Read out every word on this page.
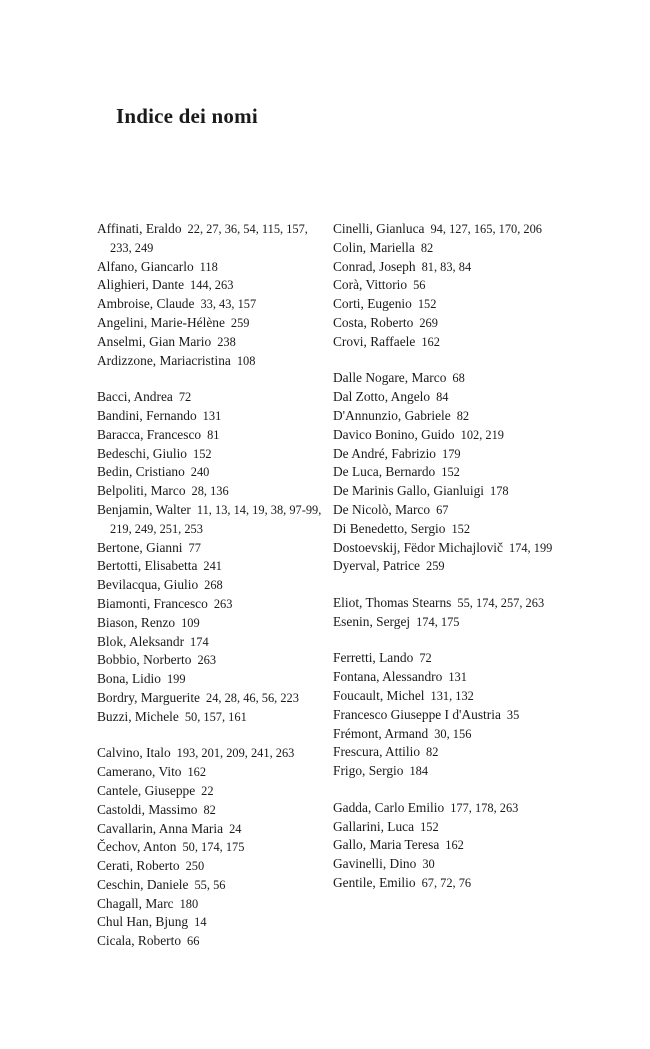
Indice dei nomi
Affinati, Eraldo 22, 27, 36, 54, 115, 157, 233, 249
Alfano, Giancarlo 118
Alighieri, Dante 144, 263
Ambroise, Claude 33, 43, 157
Angelini, Marie-Hélène 259
Anselmi, Gian Mario 238
Ardizzone, Mariacristina 108
Bacci, Andrea 72
Bandini, Fernando 131
Baracca, Francesco 81
Bedeschi, Giulio 152
Bedin, Cristiano 240
Belpoliti, Marco 28, 136
Benjamin, Walter 11, 13, 14, 19, 38, 97-99, 219, 249, 251, 253
Bertone, Gianni 77
Bertotti, Elisabetta 241
Bevilacqua, Giulio 268
Biamonti, Francesco 263
Biason, Renzo 109
Blok, Aleksandr 174
Bobbio, Norberto 263
Bona, Lidio 199
Bordry, Marguerite 24, 28, 46, 56, 223
Buzzi, Michele 50, 157, 161
Calvino, Italo 193, 201, 209, 241, 263
Camerano, Vito 162
Cantele, Giuseppe 22
Castoldi, Massimo 82
Cavallarin, Anna Maria 24
Čechov, Anton 50, 174, 175
Cerati, Roberto 250
Ceschin, Daniele 55, 56
Chagall, Marc 180
Chul Han, Bjung 14
Cicala, Roberto 66
Cinelli, Gianluca 94, 127, 165, 170, 206
Colin, Mariella 82
Conrad, Joseph 81, 83, 84
Corà, Vittorio 56
Corti, Eugenio 152
Costa, Roberto 269
Crovi, Raffaele 162
Dalle Nogare, Marco 68
Dal Zotto, Angelo 84
D'Annunzio, Gabriele 82
Davico Bonino, Guido 102, 219
De André, Fabrizio 179
De Luca, Bernardo 152
De Marinis Gallo, Gianluigi 178
De Nicolò, Marco 67
Di Benedetto, Sergio 152
Dostoevskij, Fëdor Michajlovič 174, 199
Dyerval, Patrice 259
Eliot, Thomas Stearns 55, 174, 257, 263
Esenin, Sergej 174, 175
Ferretti, Lando 72
Fontana, Alessandro 131
Foucault, Michel 131, 132
Francesco Giuseppe I d'Austria 35
Frémont, Armand 30, 156
Frescura, Attilio 82
Frigo, Sergio 184
Gadda, Carlo Emilio 177, 178, 263
Gallarini, Luca 152
Gallo, Maria Teresa 162
Gavinelli, Dino 30
Gentile, Emilio 67, 72, 76
